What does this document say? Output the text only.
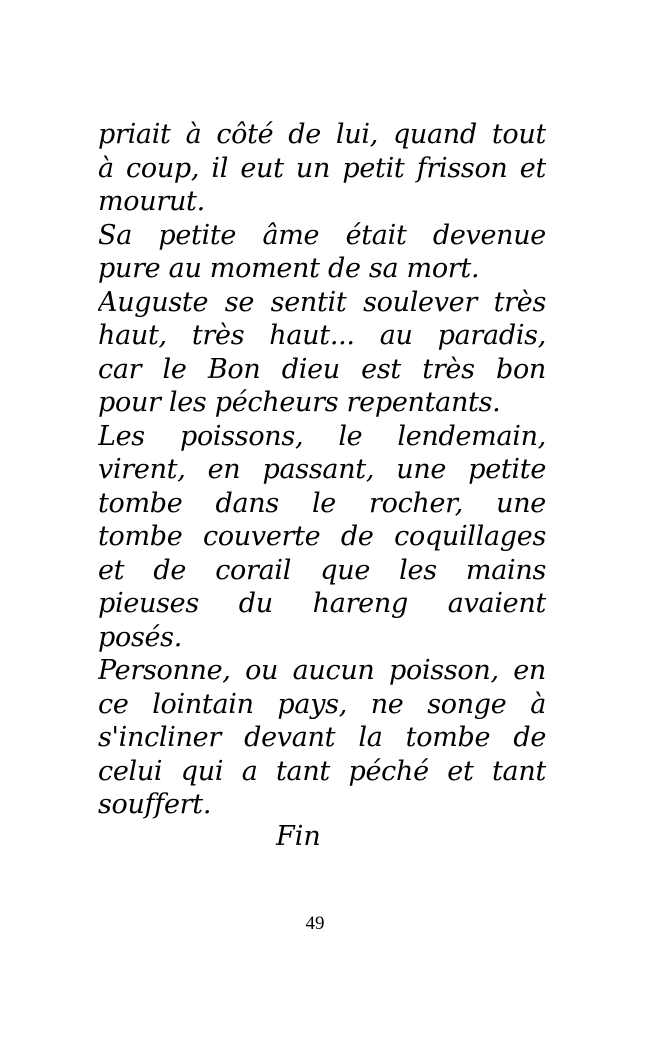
priait à côté de lui, quand tout
à coup, il eut un petit frisson et
mourut.
Sa petite âme était devenue
pure au moment de sa mort.
Auguste se sentit soulever très
haut, très haut... au paradis,
car le Bon dieu est très bon
pour les pécheurs repentants.
Les poissons, le lendemain,
virent, en passant, une petite
tombe dans le rocher, une
tombe couverte de coquillages
et de corail que les mains
pieuses du hareng avaient
posés.
Personne, ou aucun poisson, en
ce lointain pays, ne songe à
s'incliner devant la tombe de
celui qui a tant péché et tant
souffert.
Fin
49
